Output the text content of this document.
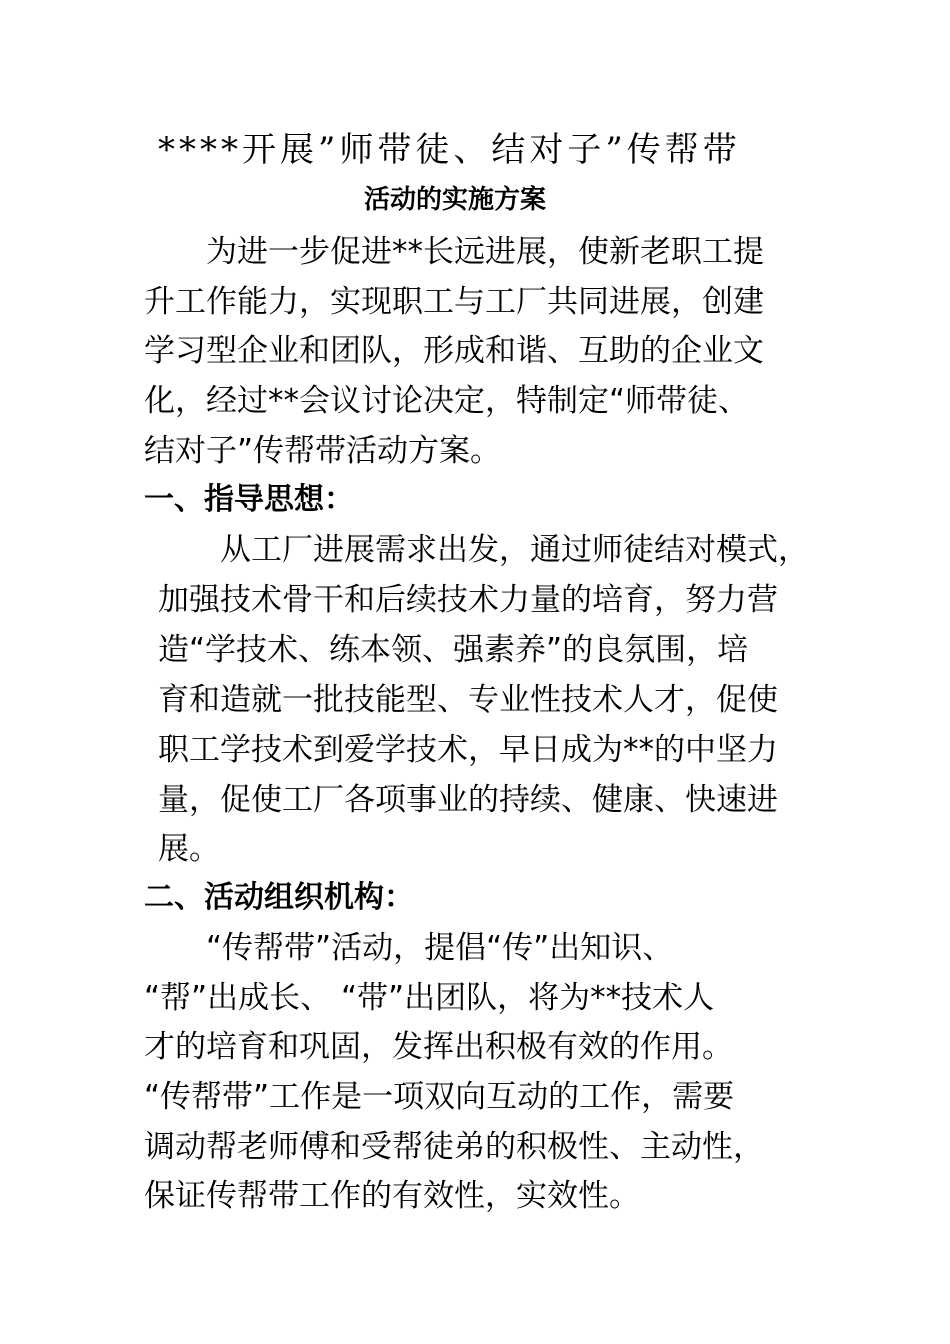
****开展”师带徒、结对子”传帮带
活动的实施方案
为进一步促进**长远进展，使新老职工提
升工作能力，实现职工与工厂共同进展，创建
学习型企业和团队，形成和谐、互助的企业文
化，经过**会议讨论决定，特制定“师带徒、
结对子”传帮带活动方案。
一、指导思想：
从工厂进展需求出发，通过师徒结对模式，
加强技术骨干和后续技术力量的培育，努力营
造“学技术、练本领、强素养”的良氛围，培
育和造就一批技能型、专业性技术人才，促使
职工学技术到爱学技术，早日成为**的中坚力
量，促使工厂各项事业的持续、健康、快速进
展。
二、活动组织机构：
“传帮带”活动，提倡“传”出知识、
“帮”出成长、 “带”出团队，将为**技术人
才的培育和巩固，发挥出积极有效的作用。
“传帮带”工作是一项双向互动的工作，需要
调动帮老师傅和受帮徒弟的积极性、主动性，
保证传帮带工作的有效性，实效性。
